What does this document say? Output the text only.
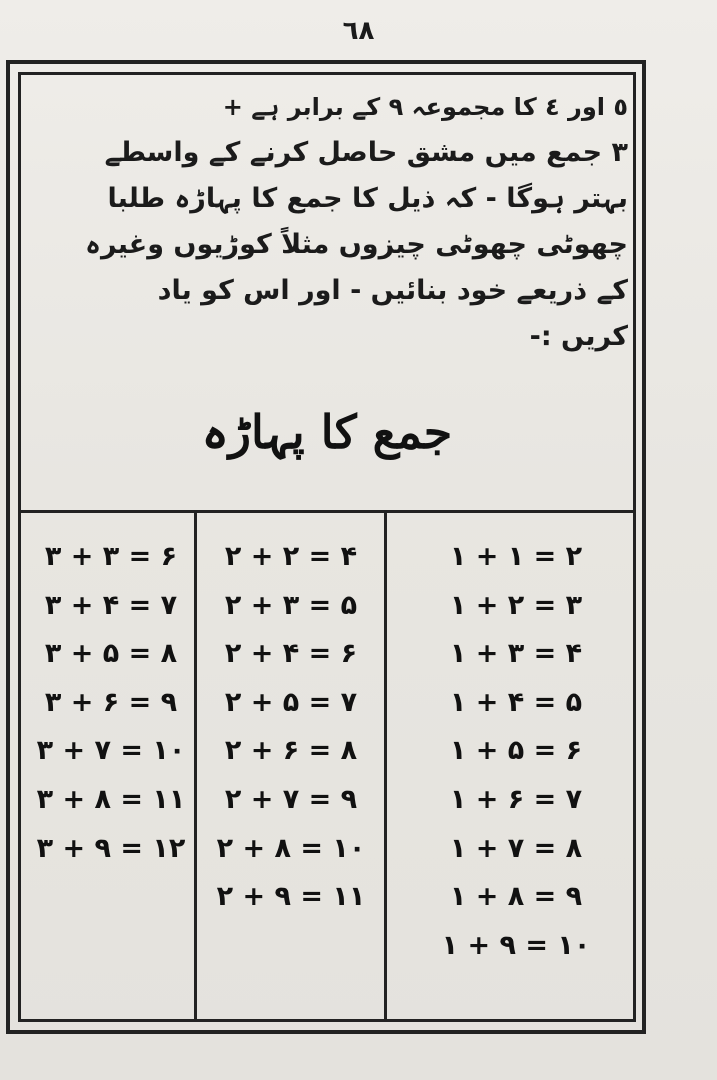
٦٨
٥ اور ٤ کا مجموعہ ٩ کے برابر ہے +
٣ جمع میں مشق حاصل کرنے کے واسطے
بہتر ہوگا - کہ ذیل کا جمع کا پہاڑہ طلبا
چھوٹی چھوٹی چیزوں مثلاً کوڑیوں وغیرہ
کے ذریعے خود بنائیں - اور اس کو یاد
کریں :-
جمع کا پہاڑہ
۳ + ۳ = ۶
۳ + ۴ = ۷
۳ + ۵ = ۸
۳ + ۶ = ۹
۳ + ۷ = ۱۰
۳ + ۸ = ۱۱
۳ + ۹ = ۱۲
۲ + ۲ = ۴
۲ + ۳ = ۵
۲ + ۴ = ۶
۲ + ۵ = ۷
۲ + ۶ = ۸
۲ + ۷ = ۹
۲ + ۸ = ۱۰
۲ + ۹ = ۱۱
۱ + ۱ = ۲
۱ + ۲ = ۳
۱ + ۳ = ۴
۱ + ۴ = ۵
۱ + ۵ = ۶
۱ + ۶ = ۷
۱ + ۷ = ۸
۱ + ۸ = ۹
۱ + ۹ = ۱۰
